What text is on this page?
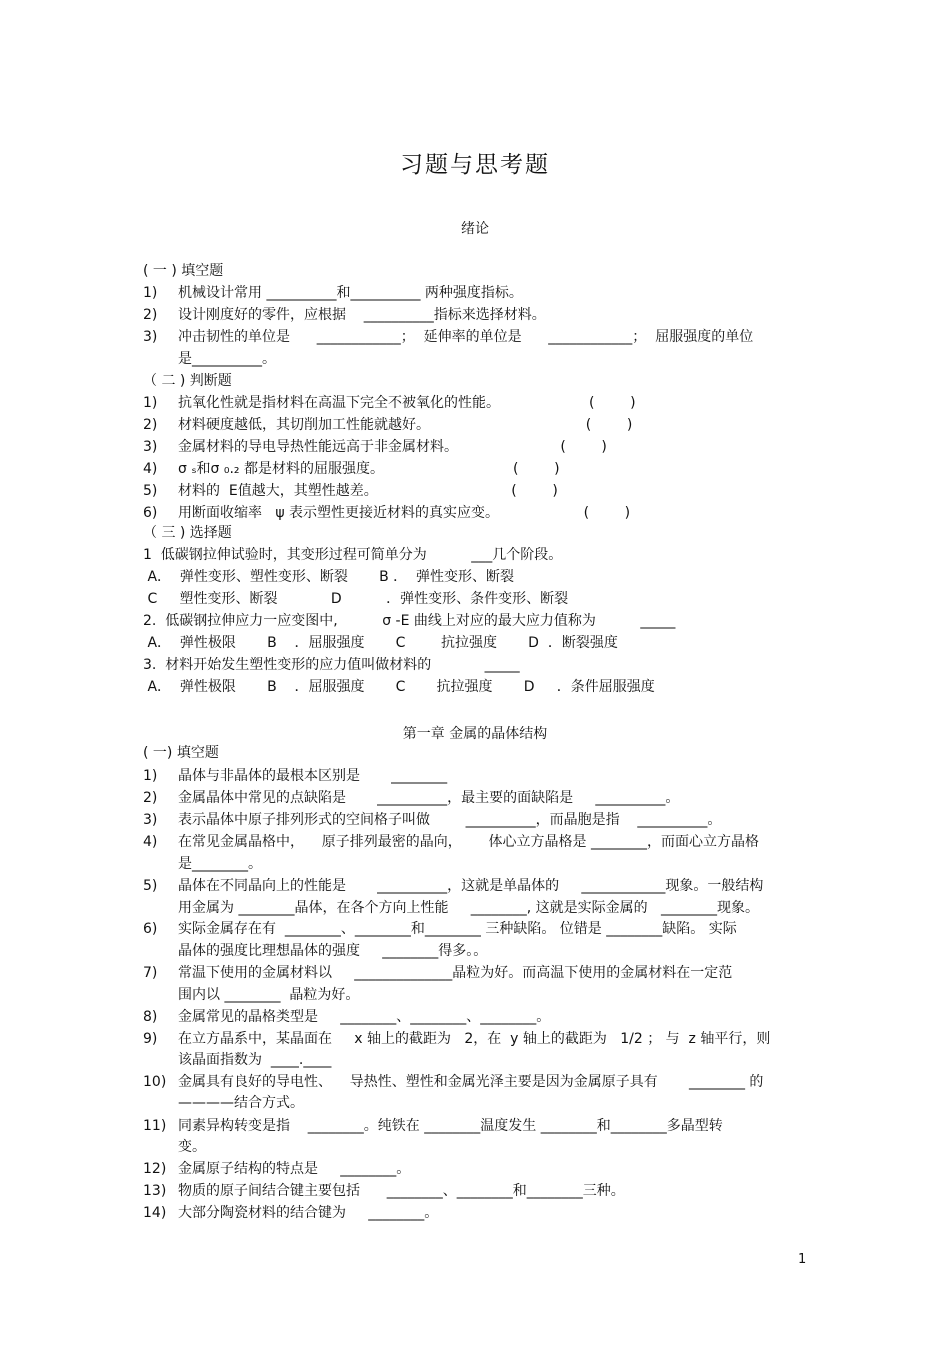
习题与思考题
绪论
( 一 ) 填空题
1) 机械设计常用 __________和__________ 两种强度指标。
2) 设计刚度好的零件，应根据    __________指标来选择材料。
3) 冲击韧性的单位是      ____________；  延伸率的单位是      ____________；  屈服强度的单位
是__________。
（ 二 ) 判断题
1) 抗氧化性就是指材料在高温下完全不被氧化的性能。                    (        )
2) 材料硬度越低，其切削加工性能就越好。                                   (        )
3) 金属材料的导电导热性能远高于非金属材料。                       (        )
4) σ ₛ和σ ₀.₂ 都是材料的屈服强度。                             (        )
5) 材料的  E值越大，其塑性越差。                              (        )
6) 用断面收缩率   ψ 表示塑性更接近材料的真实应变。                   (        )
（ 三 ) 选择题
1  低碳钢拉伸试验时，其变形过程可简单分为          ___几个阶段。
A．  弹性变形、塑性变形、断裂       B ．  弹性变形、断裂
C     塑性变形、断裂            D          ．弹性变形、条件变形、断裂
2.  低碳钢拉伸应力一应变图中,          σ -E 曲线上对应的最大应力值称为          _____
A．  弹性极限       B    ．屈服强度       C        抗拉强度       D  ．断裂强度
3.  材料开始发生塑性变形的应力值叫做材料的            _____
A．  弹性极限       B    ．屈服强度       C       抗拉强度       D     ．条件屈服强度
第一章 金属的晶体结构
( 一) 填空题
1) 晶体与非晶体的最根本区别是       ________
2) 金属晶体中常见的点缺陷是       __________，最主要的面缺陷是     __________。
3) 表示晶体中原子排列形式的空间格子叫做        __________，而晶胞是指    __________。
4) 在常见金属晶格中，    原子排列最密的晶向，      体心立方晶格是 ________，而面心立方晶格
是________。
5) 晶体在不同晶向上的性能是       __________，这就是单晶体的     ____________现象。一般结构
用金属为 ________晶体，在各个方向上性能     ________, 这就是实际金属的   ________现象。
6) 实际金属存在有  ________、________和________ 三种缺陷。 位错是 ________缺陷。 实际
晶体的强度比理想晶体的强度     ________得多。。
7) 常温下使用的金属材料以     ______________晶粒为好。而高温下使用的金属材料在一定范
围内以 ________  晶粒为好。
8) 金属常见的晶格类型是     ________、________、________。
9) 在立方晶系中，某晶面在     x 轴上的截距为   2，在  y 轴上的截距为   1/2 ； 与  z 轴平行，则
该晶面指数为  ____.____
10) 金属具有良好的导电性、    导热性、塑性和金属光泽主要是因为金属原子具有       ________ 的
————结合方式。
11) 同素异构转变是指    ________。纯铁在 ________温度发生 ________和________多晶型转
变。
12) 金属原子结构的特点是     ________。
13) 物质的原子间结合键主要包括      ________、________和________三种。
14) 大部分陶瓷材料的结合键为     ________。
1
